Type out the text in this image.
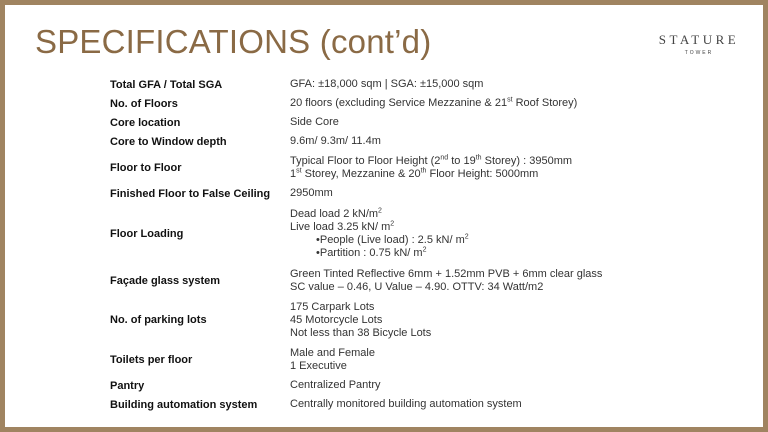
SPECIFICATIONS (cont’d)	STATURE
TOWER
Total GFA / Total SGA	GFA: ±18,000 sqm | SGA: ±15,000 sqm

No. of Floors	20 floors (excluding Service Mezzanine & 21st Roof Storey)

Core location	Side Core

Core to Window depth	9.6m/ 9.3m/ 11.4m

Floor to Floor	Typical Floor to Floor Height (2nd to 19th Storey) : 3950mm
1st Storey, Mezzanine & 20th Floor Height: 5000mm

Finished Floor to False Ceiling	2950mm

Floor Loading	Dead load 2 $kN/m^2$
Live load 3.25 kN/ $m^2$
•People (Live load) : 2.5 kN/ $m^2$
•Partition : 0.75 kN/ $m^2$

Façade glass system	Green Tinted Reflective 6mm + 1.52mm PVB + 6mm clear glass
SC value – 0.46, U Value – 4.90. OTTV: 34 Watt/m2

No. of parking lots	175 Carpark Lots
45 Motorcycle Lots
Not less than 38 Bicycle Lots

Toilets per floor	Male and Female
1 Executive

Pantry	Centralized Pantry

Building automation system	Centrally monitored building automation system
